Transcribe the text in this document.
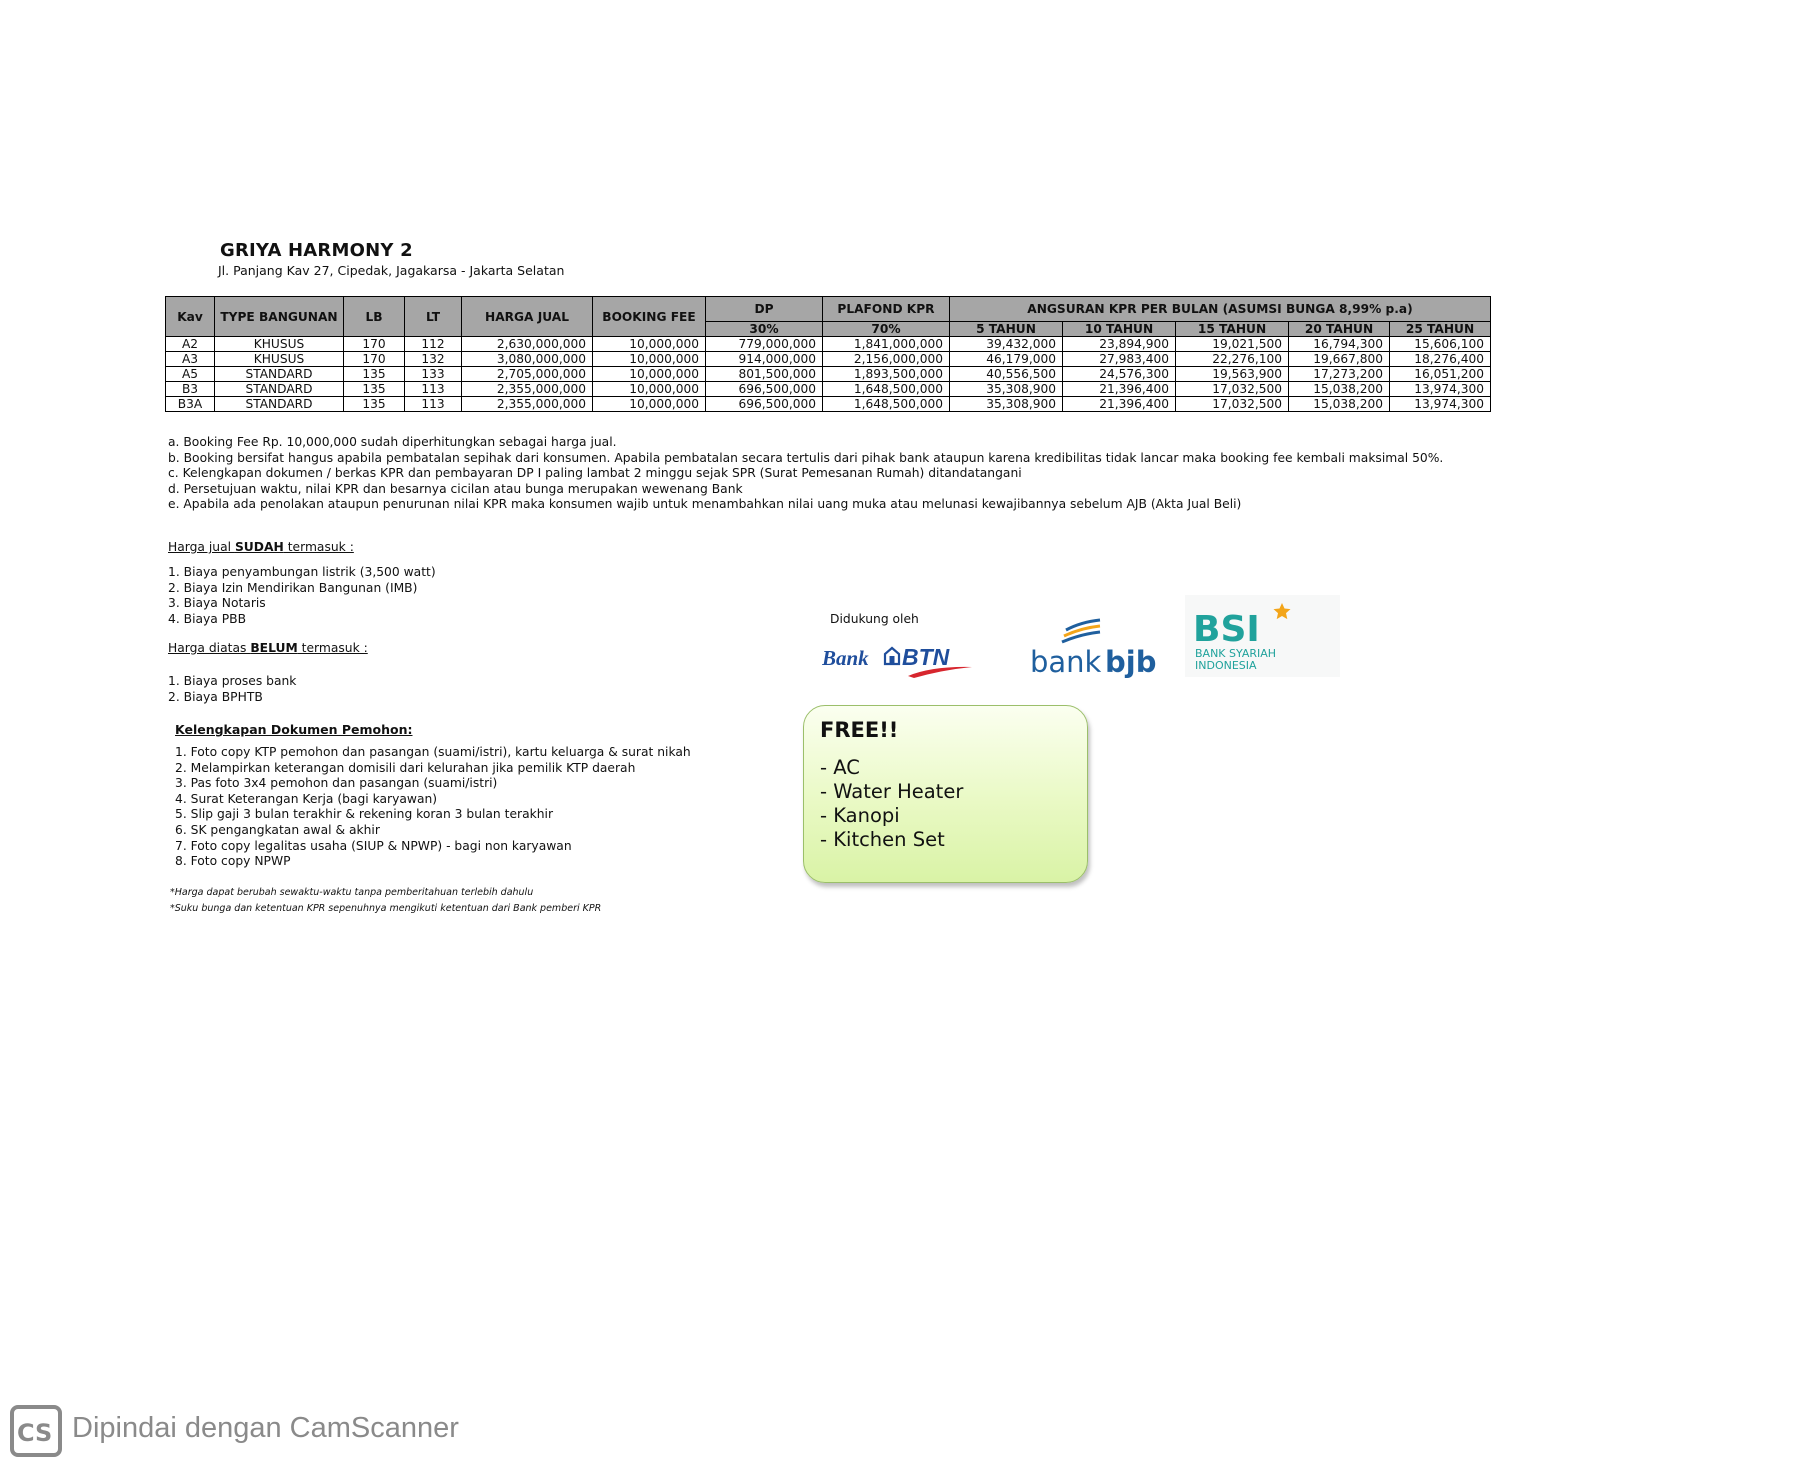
GRIYA HARMONY 2
Jl. Panjang Kav 27, Cipedak, Jagakarsa - Jakarta Selatan
Kav	TYPE BANGUNAN	LB	LT	HARGA JUAL	BOOKING FEE	DP	PLAFOND KPR	ANGSURAN KPR PER BULAN (ASUMSI BUNGA 8,99% p.a)				
						30%	70%	5 TAHUN	10 TAHUN	15 TAHUN	20 TAHUN	25 TAHUN
A2	KHUSUS	170	112	2,630,000,000	10,000,000	779,000,000	1,841,000,000	39,432,000	23,894,900	19,021,500	16,794,300	15,606,100
A3	KHUSUS	170	132	3,080,000,000	10,000,000	914,000,000	2,156,000,000	46,179,000	27,983,400	22,276,100	19,667,800	18,276,400
A5	STANDARD	135	133	2,705,000,000	10,000,000	801,500,000	1,893,500,000	40,556,500	24,576,300	19,563,900	17,273,200	16,051,200
B3	STANDARD	135	113	2,355,000,000	10,000,000	696,500,000	1,648,500,000	35,308,900	21,396,400	17,032,500	15,038,200	13,974,300
B3A	STANDARD	135	113	2,355,000,000	10,000,000	696,500,000	1,648,500,000	35,308,900	21,396,400	17,032,500	15,038,200	13,974,300
a. Booking Fee Rp. 10,000,000 sudah diperhitungkan sebagai harga jual.
b. Booking bersifat hangus apabila pembatalan sepihak dari konsumen. Apabila pembatalan secara tertulis dari pihak bank ataupun karena kredibilitas tidak lancar maka booking fee kembali maksimal 50%.
c. Kelengkapan dokumen / berkas KPR dan pembayaran DP I paling lambat 2 minggu sejak SPR (Surat Pemesanan Rumah) ditandatangani
d. Persetujuan waktu, nilai KPR dan besarnya cicilan atau bunga merupakan wewenang Bank
e. Apabila ada penolakan ataupun penurunan nilai KPR maka konsumen wajib untuk menambahkan nilai uang muka atau melunasi kewajibannya sebelum AJB (Akta Jual Beli)
Harga jual SUDAH termasuk :
1. Biaya penyambungan listrik (3,500 watt)
2. Biaya Izin Mendirikan Bangunan (IMB)
3. Biaya Notaris
4. Biaya PBB
Harga diatas BELUM termasuk :
1. Biaya proses bank
2. Biaya BPHTB
Kelengkapan Dokumen Pemohon:
1. Foto copy KTP pemohon dan pasangan (suami/istri), kartu keluarga & surat nikah
2. Melampirkan keterangan domisili dari kelurahan jika pemilik KTP daerah
3. Pas foto 3x4 pemohon dan pasangan (suami/istri)
4. Surat Keterangan Kerja (bagi karyawan)
5. Slip gaji 3 bulan terakhir & rekening koran 3 bulan terakhir
6. SK pengangkatan awal & akhir
7. Foto copy legalitas usaha (SIUP & NPWP) - bagi non karyawan
8. Foto copy NPWP
*Harga dapat berubah sewaktu-waktu tanpa pemberitahuan terlebih dahulu
*Suku bunga dan ketentuan KPR sepenuhnya mengikuti ketentuan dari Bank pemberi KPR
Didukung oleh
Bank BTN	bank bjb
BSI
BANK SYARIAH
INDONESIA
FREE!!
- AC
- Water Heater
- Kanopi
- Kitchen Set
CS Dipindai dengan CamScanner
